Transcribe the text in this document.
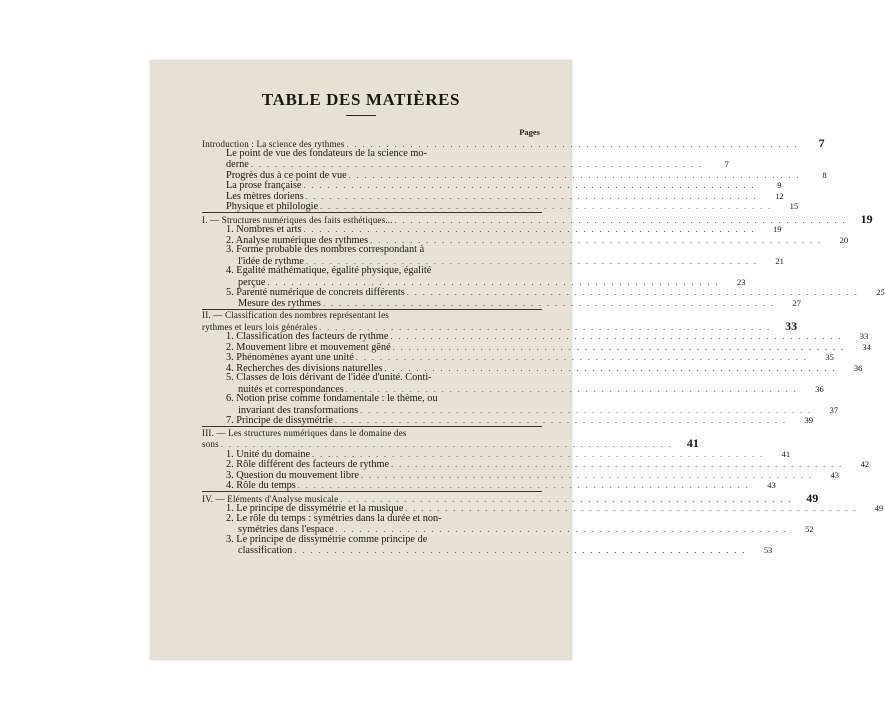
TABLE DES MATIÈRES
Pages
Introduction : La science des rythmes . . .	7
Le point de vue des fondateurs de la science mo-
derne . . .	7
Progrès dus à ce point de vue . . .	8
La prose française . . .	9
Les mètres doriens . . .	12
Physique et philologie . . .	15
I. — Structures numériques des faits esthétiques... . . .	19
1. Nombres et arts . . .	19
2. Analyse numérique des rythmes . . .	20
3. Forme probable des nombres correspondant à
l'idée de rythme . . .	21
4. Egalité mathématique, égalité physique, égalité
perçue . . .	23
5. Parenté numérique de concrets différents . . .	25
Mesure des rythmes . . .	27
II. — Classification des nombres représentant les
rythmes et leurs lois générales . . .	33
1. Classification des facteurs de rythme . . .	33
2. Mouvement libre et mouvement gêné . . .	34
3. Phénomènes ayant une unité . . .	35
4. Recherches des divisions naturelles . . .	36
5. Classes de lois dérivant de l'idée d'unité. Conti-
nuités et correspondances . . .	36
6. Notion prise comme fondamentale : le thème, ou
invariant des transformations . . .	37
7. Principe de dissymétrie . . .	39
III. — Les structures numériques dans le domaine des
sons . . .	41
1. Unité du domaine . . .	41
2. Rôle différent des facteurs de rythme . . .	42
3. Question du mouvement libre . . .	43
4. Rôle du temps . . .	43
IV. — Eléments d'Analyse musicale . . .	49
1. Le principe de dissymétrie et la musique . . .	49
2. Le rôle du temps : symétries dans la durée et non-
symétries dans l'espace . . .	52
3. Le principe de dissymétrie comme principe de
classification . . .	53
